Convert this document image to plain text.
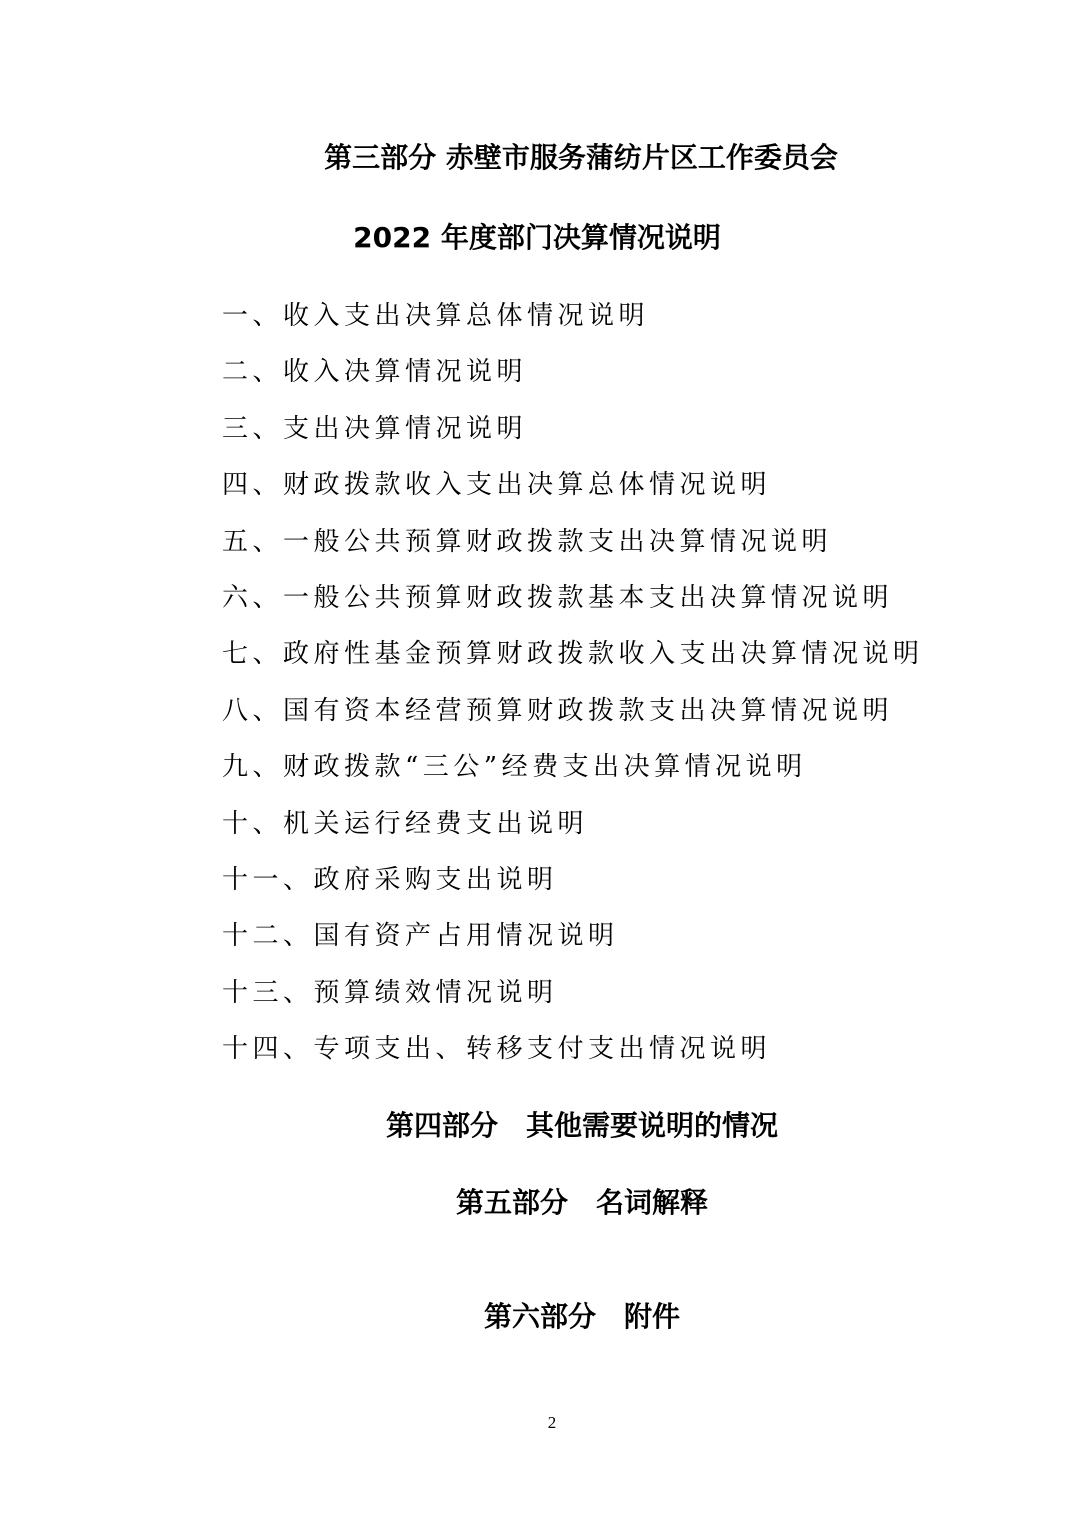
第三部分 赤壁市服务蒲纺片区工作委员会
2022 年度部门决算情况说明
一、收入支出决算总体情况说明
二、收入决算情况说明
三、支出决算情况说明
四、财政拨款收入支出决算总体情况说明
五、一般公共预算财政拨款支出决算情况说明
六、一般公共预算财政拨款基本支出决算情况说明
七、政府性基金预算财政拨款收入支出决算情况说明
八、国有资本经营预算财政拨款支出决算情况说明
九、财政拨款“三公”经费支出决算情况说明
十、机关运行经费支出说明
十一、政府采购支出说明
十二、国有资产占用情况说明
十三、预算绩效情况说明
十四、专项支出、转移支付支出情况说明
第四部分　其他需要说明的情况
第五部分　名词解释
第六部分　附件
2
